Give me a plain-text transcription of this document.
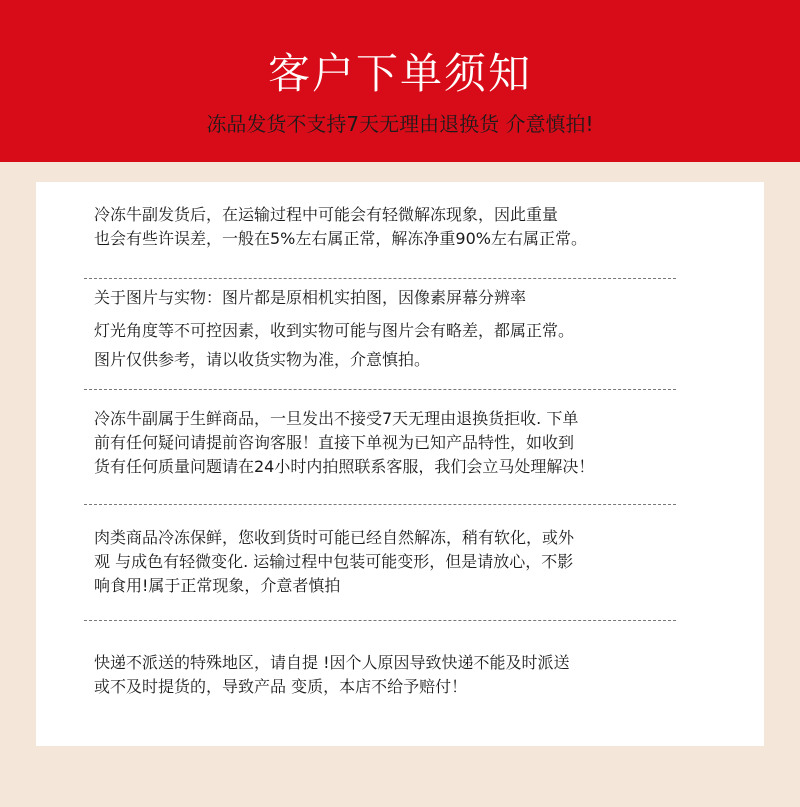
客户下单须知
冻品发货不支持7天无理由退换货 介意慎拍!
冷冻牛副发货后，在运输过程中可能会有轻微解冻现象，因此重量
也会有些许误差，一般在5%左右属正常，解冻净重90%左右属正常。
关于图片与实物：图片都是原相机实拍图，因像素屏幕分辨率
灯光角度等不可控因素，收到实物可能与图片会有略差，都属正常。
图片仅供参考，请以收货实物为准，介意慎拍。
冷冻牛副属于生鲜商品，一旦发出不接受7天无理由退换货拒收. 下单
前有任何疑问请提前咨询客服！直接下单视为已知产品特性，如收到
货有任何质量问题请在24小时内拍照联系客服，我们会立马处理解决！
肉类商品冷冻保鲜，您收到货时可能已经自然解冻，稍有软化，或外
观 与成色有轻微变化. 运输过程中包装可能变形，但是请放心，不影
响食用!属于正常现象，介意者慎拍
快递不派送的特殊地区，请自提 !因个人原因导致快递不能及时派送
或不及时提货的，导致产品 变质，本店不给予赔付！
